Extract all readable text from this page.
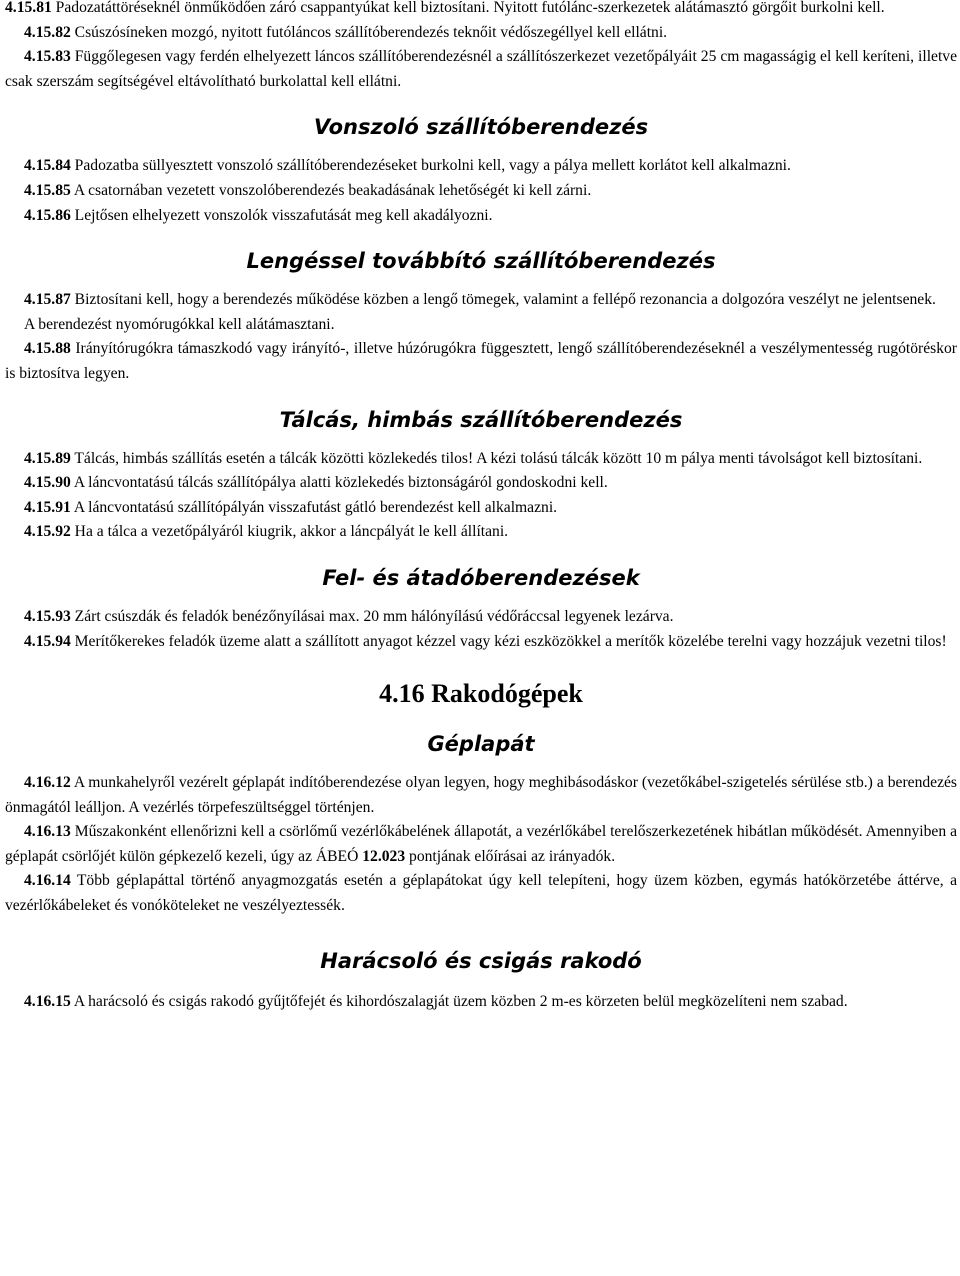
4.15.81 Padozatáttöréseknél önműködően záró csappantyúkat kell biztosítani. Nyitott futólánc-szerkezetek alátámasztó görgőit burkolni kell.

4.15.82 Csúszósíneken mozgó, nyitott futóláncos szállítóberendezés teknőit védőszegéllyel kell ellátni.

4.15.83 Függőlegesen vagy ferdén elhelyezett láncos szállítóberendezésnél a szállítószerkezet vezetőpályáit 25 cm magasságig el kell keríteni, illetve csak szerszám segítségével eltávolítható burkolattal kell ellátni.

Vonszoló szállítóberendezés

4.15.84 Padozatba süllyesztett vonszoló szállítóberendezéseket burkolni kell, vagy a pálya mellett korlátot kell alkalmazni.

4.15.85 A csatornában vezetett vonszolóberendezés beakadásának lehetőségét ki kell zárni.

4.15.86 Lejtősen elhelyezett vonszolók visszafutását meg kell akadályozni.

Lengéssel továbbító szállítóberendezés

4.15.87 Biztosítani kell, hogy a berendezés működése közben a lengő tömegek, valamint a fellépő rezonancia a dolgozóra veszélyt ne jelentsenek.

A berendezést nyomórugókkal kell alátámasztani.

4.15.88 Irányítórugókra támaszkodó vagy irányító-, illetve húzórugókra függesztett, lengő szállítóberendezéseknél a veszélymentesség rugótöréskor is biztosítva legyen.

Tálcás, himbás szállítóberendezés

4.15.89 Tálcás, himbás szállítás esetén a tálcák közötti közlekedés tilos! A kézi tolású tálcák között 10 m pálya menti távolságot kell biztosítani.

4.15.90 A láncvontatású tálcás szállítópálya alatti közlekedés biztonságáról gondoskodni kell.

4.15.91 A láncvontatású szállítópályán visszafutást gátló berendezést kell alkalmazni.

4.15.92 Ha a tálca a vezetőpályáról kiugrik, akkor a láncpályát le kell állítani.

Fel- és átadóberendezések

4.15.93 Zárt csúszdák és feladók benézőnyílásai max. 20 mm hálónyílású védőráccsal legyenek lezárva.

4.15.94 Merítőkerekes feladók üzeme alatt a szállított anyagot kézzel vagy kézi eszközökkel a merítők közelébe terelni vagy hozzájuk vezetni tilos!

4.16 Rakodógépek
Géplapát

4.16.12 A munkahelyről vezérelt géplapát indítóberendezése olyan legyen, hogy meghibásodáskor (vezetőkábel-szigetelés sérülése stb.) a berendezés önmagától leálljon. A vezérlés törpefeszültséggel történjen.

4.16.13 Műszakonként ellenőrizni kell a csörlőmű vezérlőkábelének állapotát, a vezérlőkábel terelőszerkezetének hibátlan működését. Amennyiben a géplapát csörlőjét külön gépkezelő kezeli, úgy az ÁBEÓ 12.023 pontjának előírásai az irányadók.

4.16.14 Több géplapáttal történő anyagmozgatás esetén a géplapátokat úgy kell telepíteni, hogy üzem közben, egymás hatókörzetébe áttérve, a vezérlőkábeleket és vonóköteleket ne veszélyeztessék.

Harácsoló és csigás rakodó

4.16.15 A harácsoló és csigás rakodó gyűjtőfejét és kihordószalagját üzem közben 2 m-es körzeten belül megközelíteni nem szabad.
